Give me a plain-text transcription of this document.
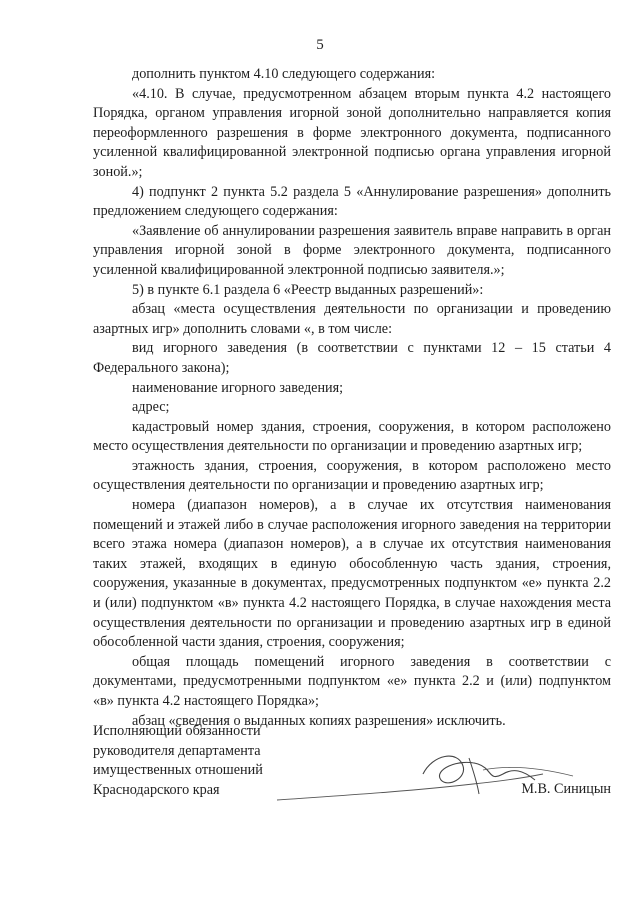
5

дополнить пунктом 4.10 следующего содержания:

«4.10. В случае, предусмотренном абзацем вторым пункта 4.2 настоящего Порядка, органом управления игорной зоной дополнительно направляется копия переоформленного разрешения в форме электронного документа, подписанного усиленной квалифицированной электронной подписью органа управления игорной зоной.»;

4) подпункт 2 пункта 5.2 раздела 5 «Аннулирование разрешения» дополнить предложением следующего содержания:

«Заявление об аннулировании разрешения заявитель вправе направить в орган управления игорной зоной в форме электронного документа, подписанного усиленной квалифицированной электронной подписью заявителя.»;

5) в пункте 6.1 раздела 6 «Реестр выданных разрешений»:

абзац «места осуществления деятельности по организации и проведению азартных игр» дополнить словами «, в том числе:

вид игорного заведения (в соответствии с пунктами 12 – 15 статьи 4 Федерального закона);

наименование игорного заведения;

адрес;

кадастровый номер здания, строения, сооружения, в котором расположено место осуществления деятельности по организации и проведению азартных игр;

этажность здания, строения, сооружения, в котором расположено место осуществления деятельности по организации и проведению азартных игр;

номера (диапазон номеров), а в случае их отсутствия наименования помещений и этажей либо в случае расположения игорного заведения на территории всего этажа номера (диапазон номеров), а в случае их отсутствия наименования таких этажей, входящих в единую обособленную часть здания, строения, сооружения, указанные в документах, предусмотренных подпунктом «е» пункта 2.2 и (или) подпунктом «в» пункта 4.2 настоящего Порядка, в случае нахождения места осуществления деятельности по организации и проведению азартных игр в единой обособленной части здания, строения, сооружения;

общая площадь помещений игорного заведения в соответствии с документами, предусмотренными подпунктом «е» пункта 2.2 и (или) подпунктом «в» пункта 4.2 настоящего Порядка»;

абзац «сведения о выданных копиях разрешения» исключить.

Исполняющий обязанности
руководителя департамента
имущественных отношений
Краснодарского края	М.В. Синицын
